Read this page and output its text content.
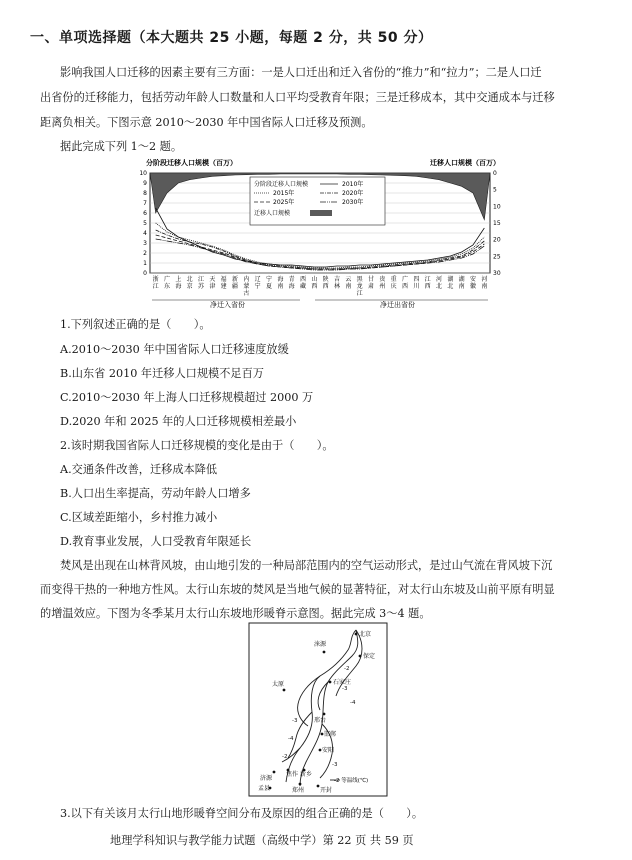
一、单项选择题（本大题共 25 小题，每题 2 分，共 50 分）
影响我国人口迁移的因素主要有三方面：一是人口迁出和迁入省份的“推力”和“拉力”；二是人口迁
出省份的迁移能力，包括劳动年龄人口数量和人口平均受教育年限；三是迁移成本，其中交通成本与迁移
距离负相关。下图示意 2010～2030 年中国省际人口迁移及预测。
据此完成下列 1～2 题。
10
9
8
7
6
5
4
3
2
1
0
0
5
10
15
20
25
30
浙
江
广
东
上
海
北
京
江
苏
天
津
福
建
新
疆
内
蒙
古
辽
宁
宁
夏
海
南
青
海
西
藏
山
西
陕
西
吉
林
云
南
黑
龙
江
甘
肃
贵
州
重
庆
广
西
四
川
江
西
河
北
湖
北
湖
南
安
徽
河
南
分阶段迁移人口规模（百万）	迁移人口规模（百万）
分阶段迁移人口规模	2010年
2015年	2020年
2025年	2030年
迁移人口规模
净迁入省份	净迁出省份
1.下列叙述正确的是（　　）。
A.2010～2030 年中国省际人口迁移速度放缓
B.山东省 2010 年迁移人口规模不足百万
C.2010～2030 年上海人口迁移规模超过 2000 万
D.2020 年和 2025 年的人口迁移规模相差最小
2.该时期我国省际人口迁移规模的变化是由于（　　）。
A.交通条件改善，迁移成本降低
B.人口出生率提高，劳动年龄人口增多
C.区域差距缩小，乡村推力减小
D.教育事业发展，人口受教育年限延长
焚风是出现在山林背风坡，由山地引发的一种局部范围内的空气运动形式，是过山气流在背风坡下沉
而变得干热的一种地方性风。太行山东坡的焚风是当地气候的显著特征，对太行山东坡及山前平原有明显
的增温效应。下图为冬季某月太行山东坡地形暖脊示意图。据此完成 3～4 题。
北京
保定
涞源
太原	石家庄
邢台
邯郸
安阳
济源
焦作 新乡
孟县	郑州	开封
-2
-3
-4
-3
-4
-2
-3
-2 等温线(℃)
3.以下有关该月太行山地形暖脊空间分布及原因的组合正确的是（　　）。
地理学科知识与教学能力试题（高级中学）第 22 页 共 59 页
